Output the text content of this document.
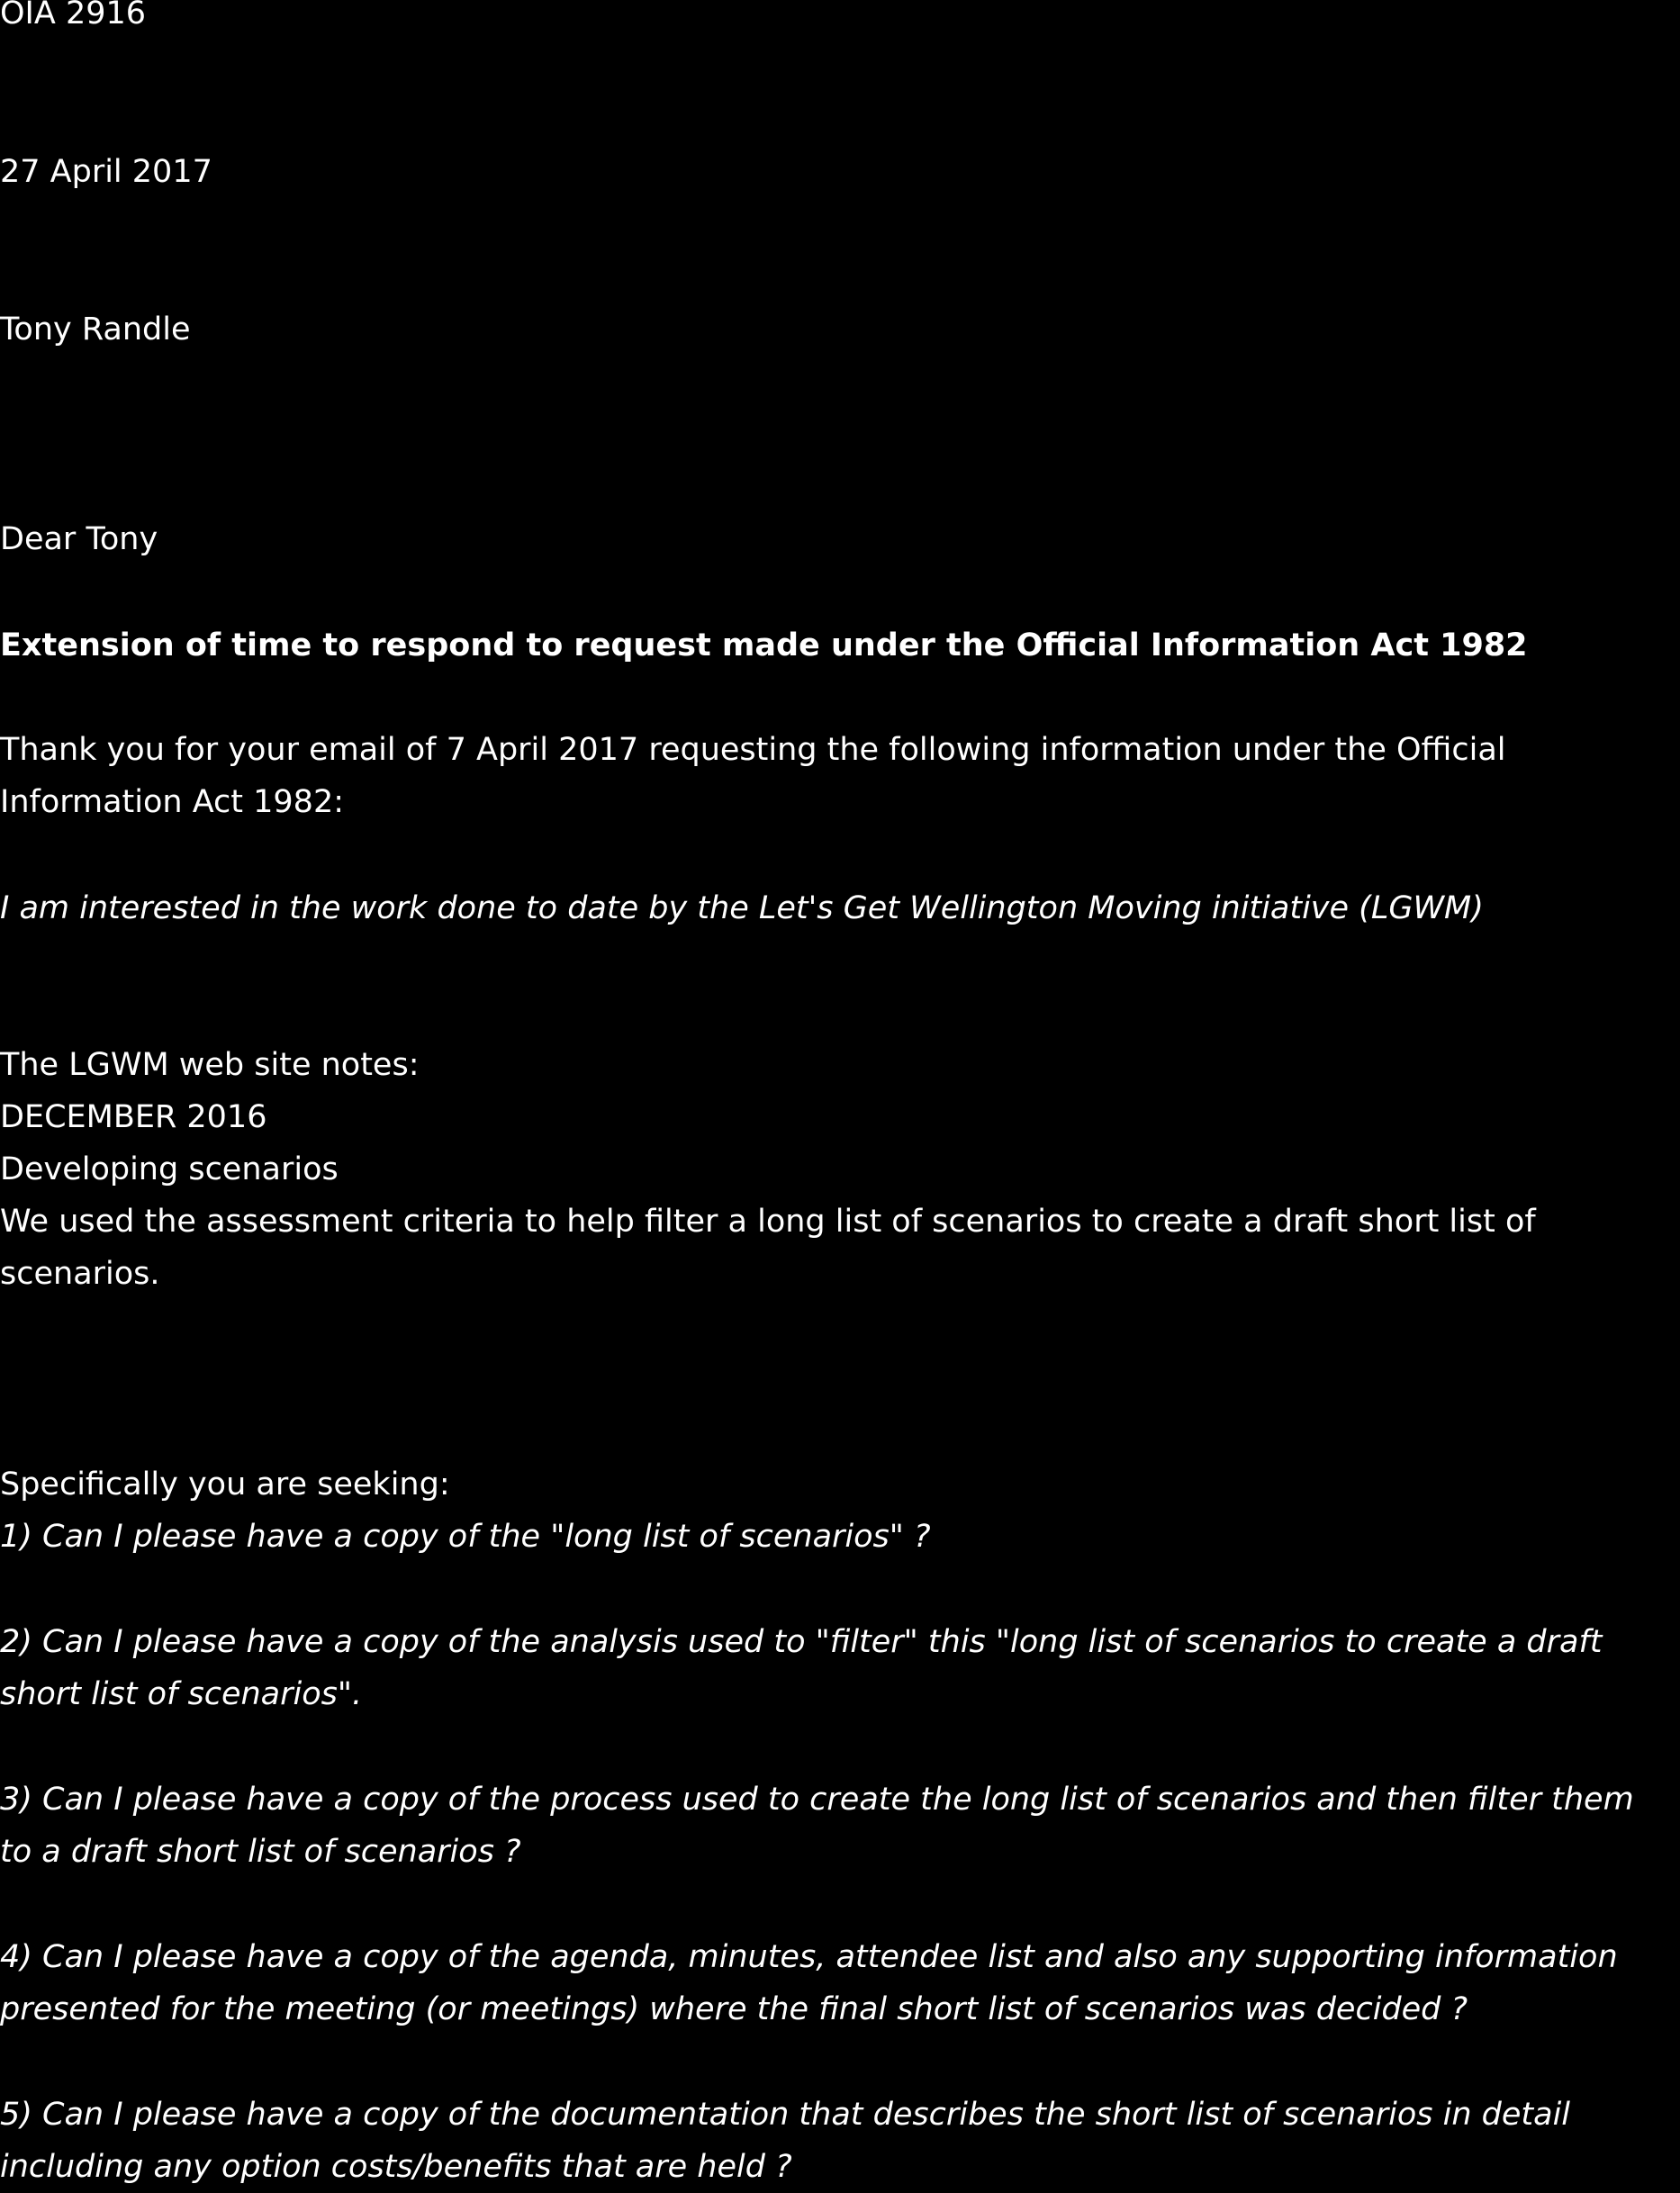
OIA 2916

27 April 2017

Tony Randle

Dear Tony

Extension of time to respond to request made under the Official Information Act 1982

Thank you for your email of 7 April 2017 requesting the following information under the Official

Information Act 1982:

I am interested in the work done to date by the Let's Get Wellington Moving initiative (LGWM)

The LGWM web site notes:

DECEMBER 2016

Developing scenarios

We used the assessment criteria to help filter a long list of scenarios to create a draft short list of

scenarios.

Specifically you are seeking:

1) Can I please have a copy of the "long list of scenarios" ?

2) Can I please have a copy of the analysis used to "filter" this "long list of scenarios to create a draft

short list of scenarios".

3) Can I please have a copy of the process used to create the long list of scenarios and then filter them

to a draft short list of scenarios ?

4) Can I please have a copy of the agenda, minutes, attendee list and also any supporting information

presented for the meeting (or meetings) where the final short list of scenarios was decided ?

5) Can I please have a copy of the documentation that describes the short list of scenarios in detail

including any option costs/benefits that are held ?
